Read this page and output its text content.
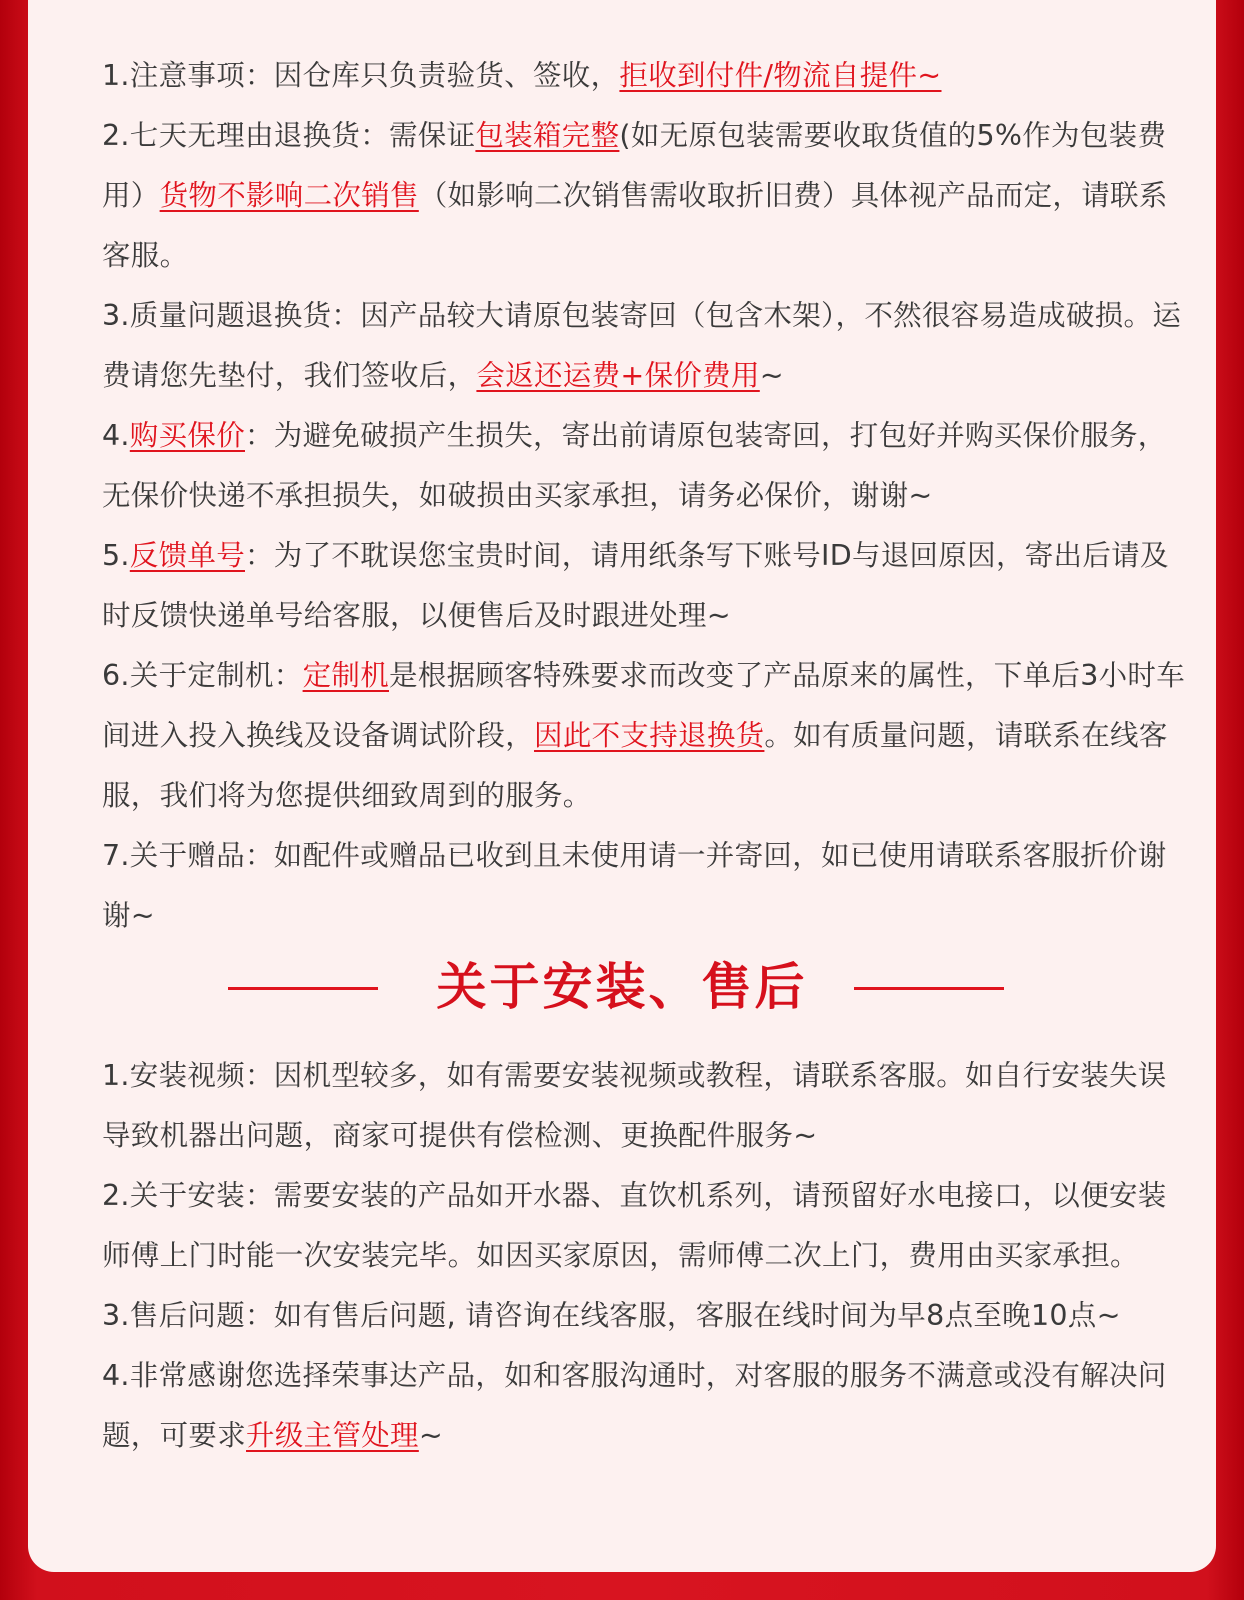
1.注意事项：因仓库只负责验货、签收，拒收到付件/物流自提件~

2.七天无理由退换货：需保证包装箱完整(如无原包装需要收取货值的5%作为包装费用）货物不影响二次销售（如影响二次销售需收取折旧费）具体视产品而定，请联系客服。

3.质量问题退换货：因产品较大请原包装寄回（包含木架），不然很容易造成破损。运费请您先垫付，我们签收后，会返还运费+保价费用~

4.购买保价：为避免破损产生损失，寄出前请原包装寄回，打包好并购买保价服务，无保价快递不承担损失，如破损由买家承担，请务必保价，谢谢~

5.反馈单号：为了不耽误您宝贵时间，请用纸条写下账号ID与退回原因，寄出后请及时反馈快递单号给客服，以便售后及时跟进处理~

6.关于定制机：定制机是根据顾客特殊要求而改变了产品原来的属性，下单后3小时车间进入投入换线及设备调试阶段，因此不支持退换货。如有质量问题，请联系在线客服，我们将为您提供细致周到的服务。

7.关于赠品：如配件或赠品已收到且未使用请一并寄回，如已使用请联系客服折价谢谢~

关于安装、售后

1.安装视频：因机型较多，如有需要安装视频或教程，请联系客服。如自行安装失误导致机器出问题，商家可提供有偿检测、更换配件服务~

2.关于安装：需要安装的产品如开水器、直饮机系列，请预留好水电接口，以便安装师傅上门时能一次安装完毕。如因买家原因，需师傅二次上门，费用由买家承担。

3.售后问题：如有售后问题, 请咨询在线客服，客服在线时间为早8点至晚10点~

4.非常感谢您选择荣事达产品，如和客服沟通时，对客服的服务不满意或没有解决问题，可要求升级主管处理~
